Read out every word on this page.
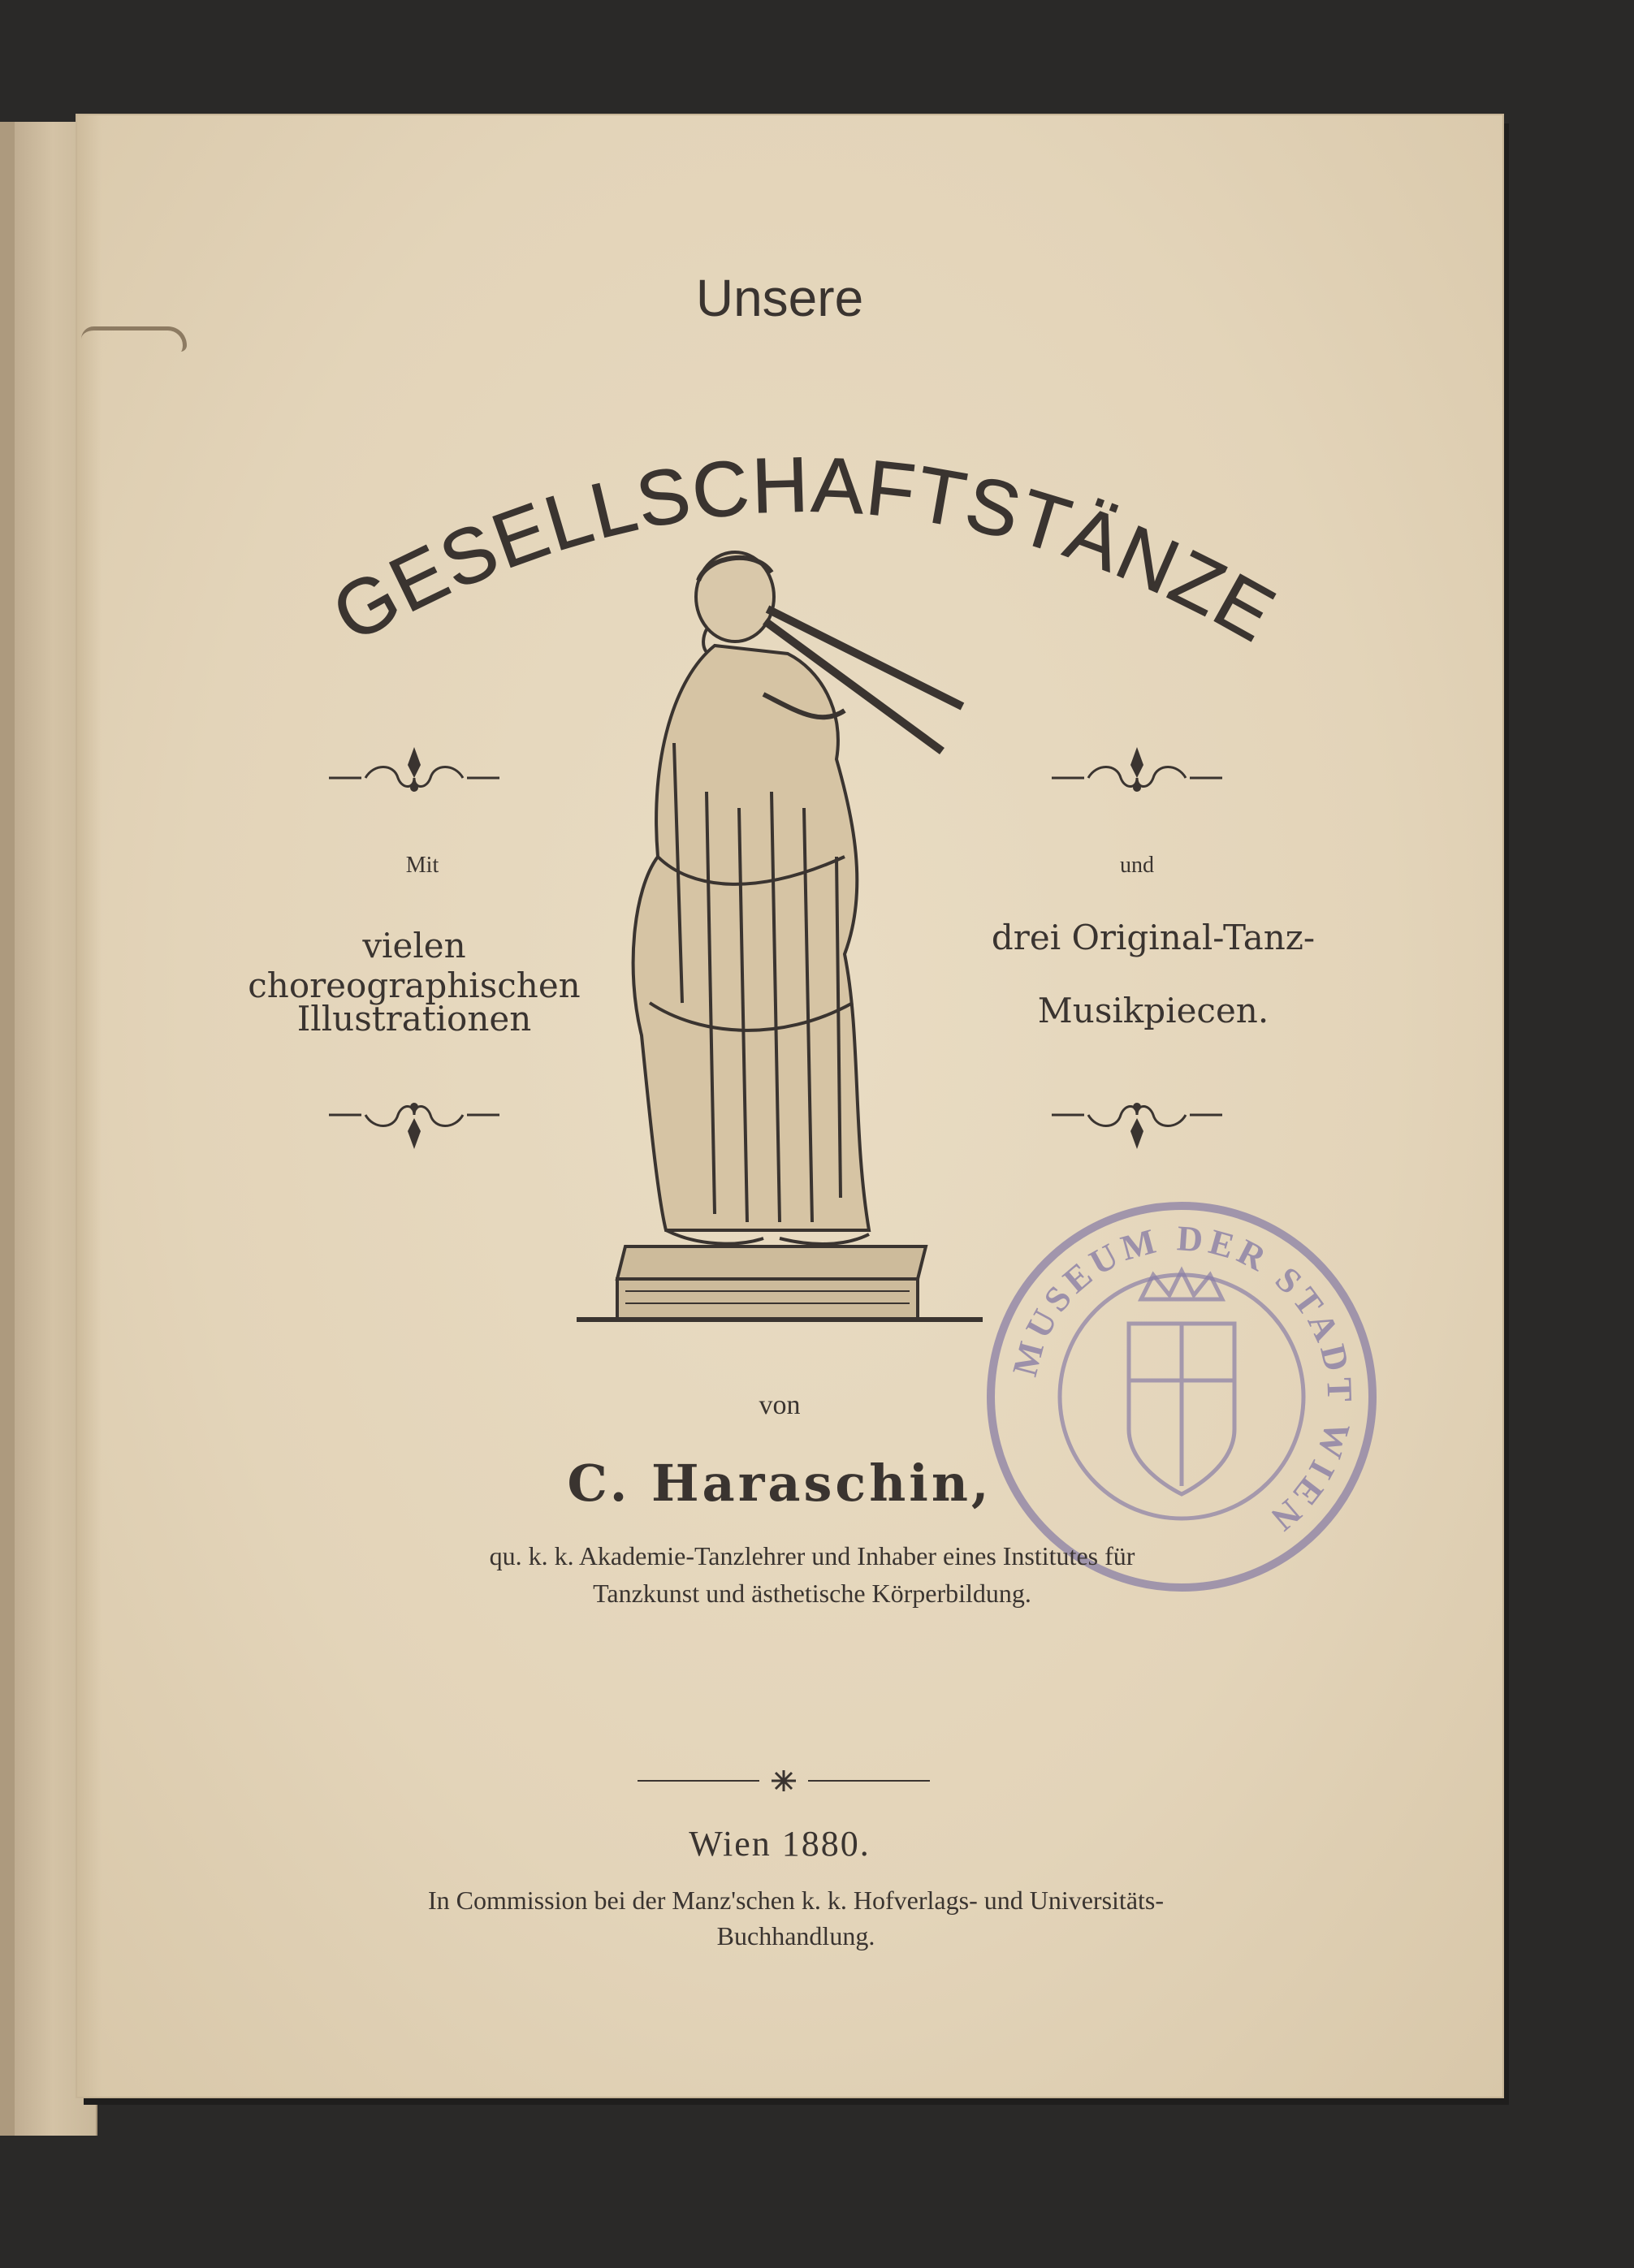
Unsere
GESELLSCHAFTSTÄNZE
Mit
vielen choreographischen
Illustrationen
und
drei Original-Tanz-
Musikpiecen.
MUSEUM DER STADT WIEN
von
C. Haraschin,
qu. k. k. Akademie-Tanzlehrer und Inhaber eines Institutes für
Tanzkunst und ästhetische Körperbildung.
Wien 1880.
In Commission bei der Manz'schen k. k. Hofverlags- und Universitäts-
Buchhandlung.
